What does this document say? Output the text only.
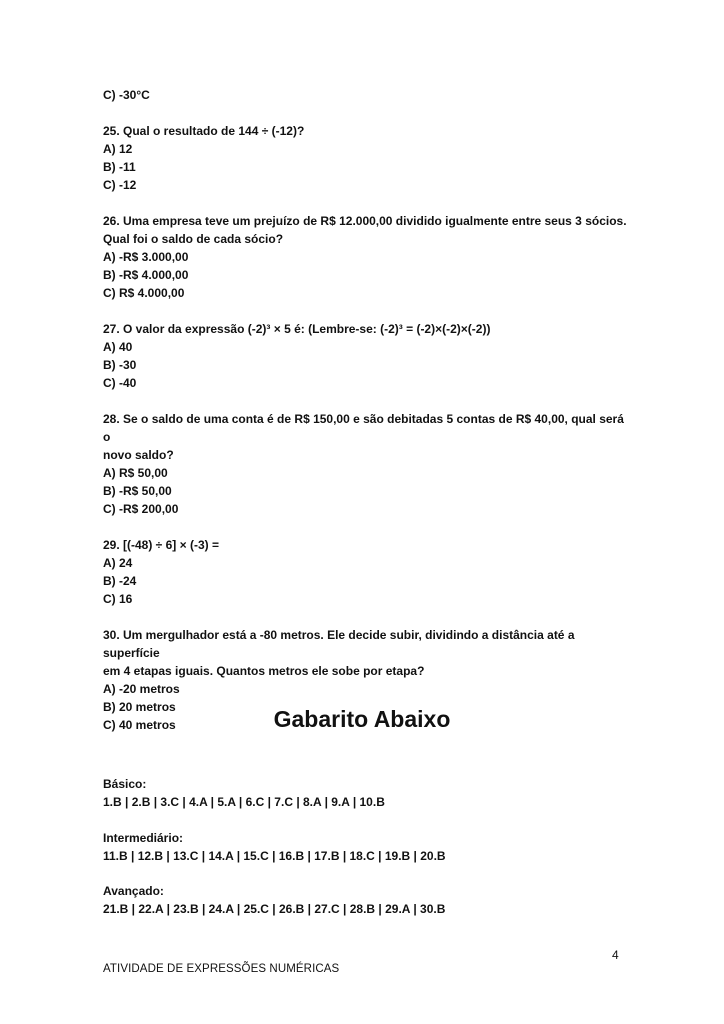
C) -30°C
25. Qual o resultado de 144 ÷ (-12)?
A) 12
B) -11
C) -12
26. Uma empresa teve um prejuízo de R$ 12.000,00 dividido igualmente entre seus 3 sócios.
Qual foi o saldo de cada sócio?
A) -R$ 3.000,00
B) -R$ 4.000,00
C) R$ 4.000,00
27. O valor da expressão (-2)³ × 5 é: (Lembre-se: (-2)³ = (-2)×(-2)×(-2))
A) 40
B) -30
C) -40
28. Se o saldo de uma conta é de R$ 150,00 e são debitadas 5 contas de R$ 40,00, qual será o
novo saldo?
A) R$ 50,00
B) -R$ 50,00
C) -R$ 200,00
29. [(-48) ÷ 6] × (-3) =
A) 24
B) -24
C) 16
30. Um mergulhador está a -80 metros. Ele decide subir, dividindo a distância até a superfície
em 4 etapas iguais. Quantos metros ele sobe por etapa?
A) -20 metros
B) 20 metros
C) 40 metros	Gabarito Abaixo
Básico:
1.B | 2.B | 3.C | 4.A | 5.A | 6.C | 7.C | 8.A | 9.A | 10.B
Intermediário:
11.B | 12.B | 13.C | 14.A | 15.C | 16.B | 17.B | 18.C | 19.B | 20.B
Avançado:
21.B | 22.A | 23.B | 24.A | 25.C | 26.B | 27.C | 28.B | 29.A | 30.B
4
ATIVIDADE DE EXPRESSÕES NUMÉRICAS
